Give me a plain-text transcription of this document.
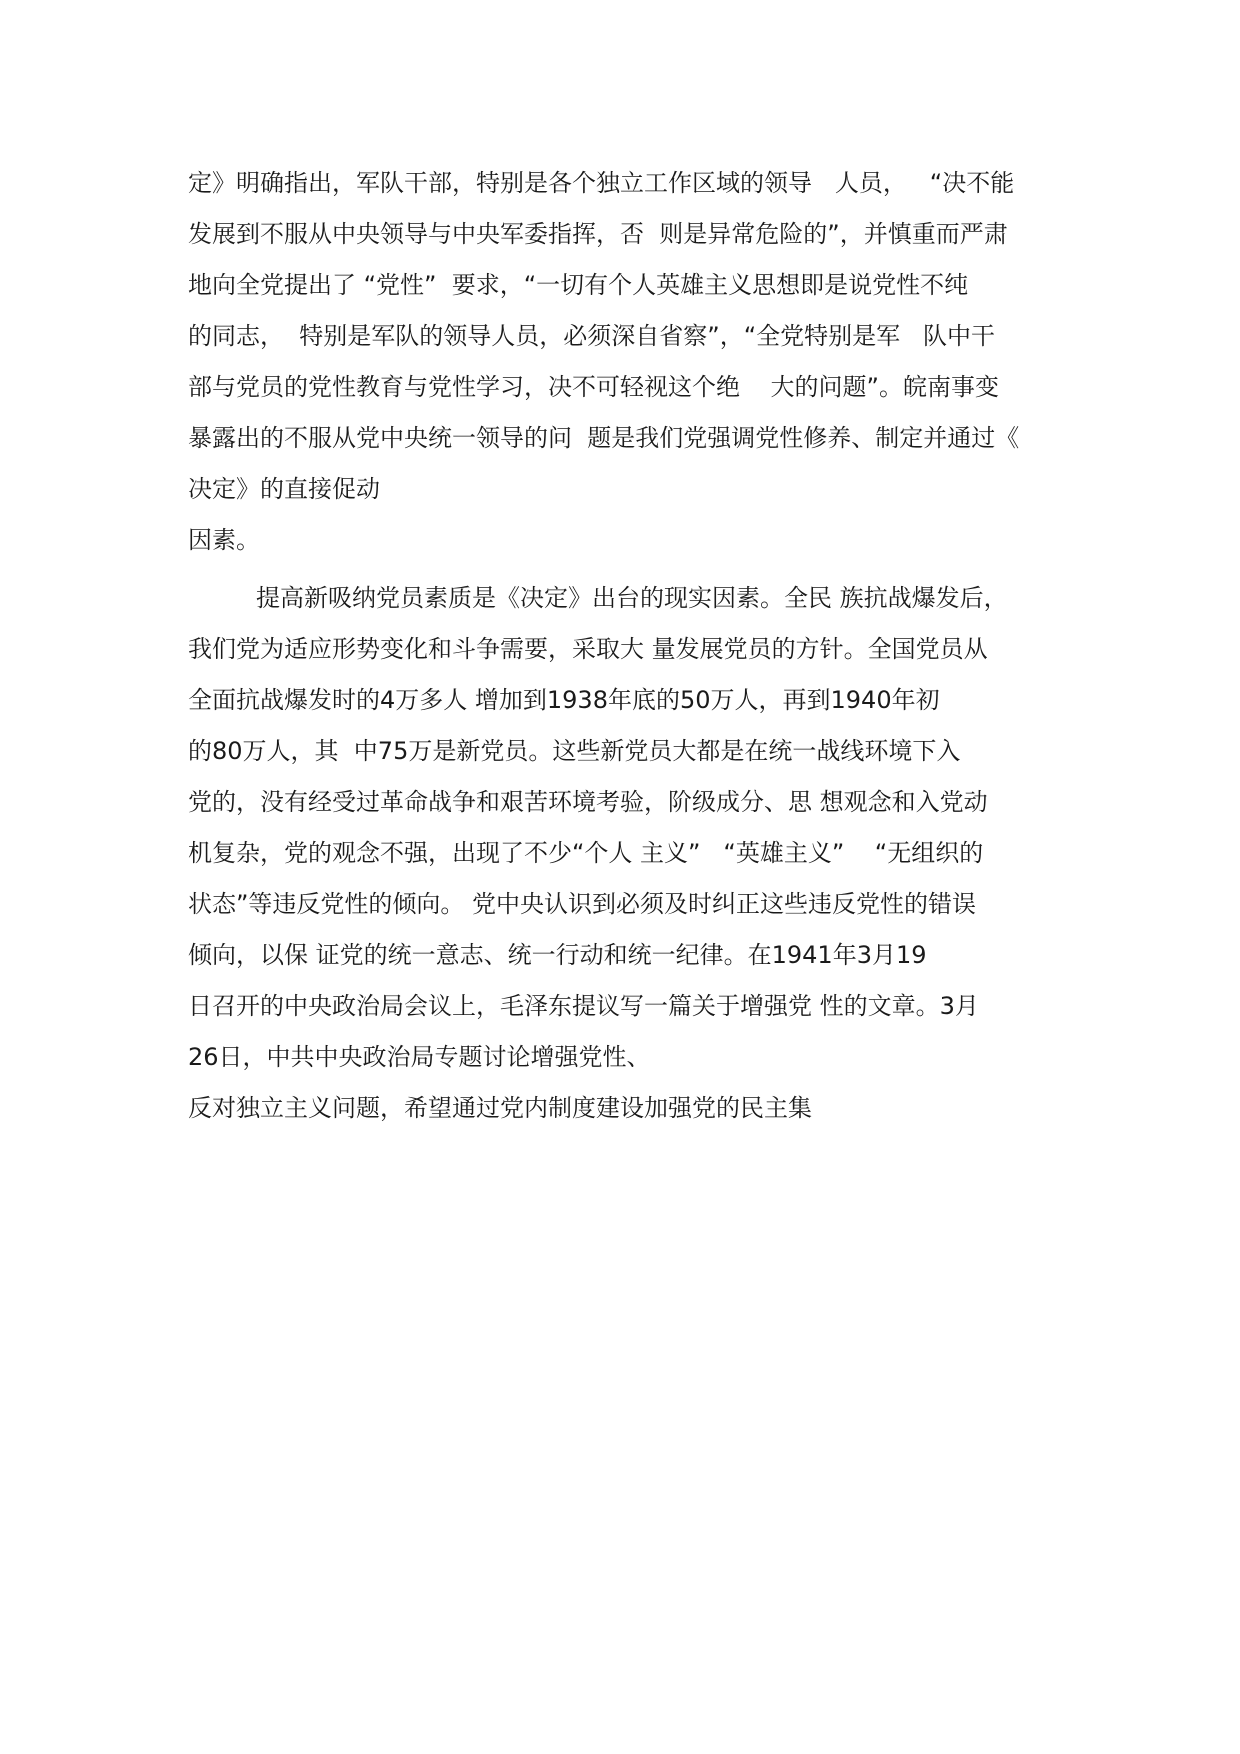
定》明确指出，军队干部，特别是各个独立工作区域的领导   人员，   “决不能
发展到不服从中央领导与中央军委指挥，否  则是异常危险的”，并慎重而严肃
地向全党提出了 “党性”  要求，“一切有个人英雄主义思想即是说党性不纯
的同志，  特别是军队的领导人员，必须深自省察”，“全党特别是军   队中干
部与党员的党性教育与党性学习，决不可轻视这个绝    大的问题”。皖南事变
暴露出的不服从党中央统一领导的问  题是我们党强调党性修养、制定并通过《
决定》的直接促动
因素。
提高新吸纳党员素质是《决定》出台的现实因素。全民 族抗战爆发后，
我们党为适应形势变化和斗争需要，采取大 量发展党员的方针。全国党员从
全面抗战爆发时的4万多人 增加到1938年底的50万人，再到1940年初
的80万人，其  中75万是新党员。这些新党员大都是在统一战线环境下入
党的，没有经受过革命战争和艰苦环境考验，阶级成分、思 想观念和入党动
机复杂，党的观念不强，出现了不少“个人 主义”   “英雄主义”    “无组织的
状态”等违反党性的倾向。 党中央认识到必须及时纠正这些违反党性的错误
倾向，以保 证党的统一意志、统一行动和统一纪律。在1941年3月19
日召开的中央政治局会议上，毛泽东提议写一篇关于增强党 性的文章。3月
26日，中共中央政治局专题讨论增强党性、
反对独立主义问题，希望通过党内制度建设加强党的民主集
